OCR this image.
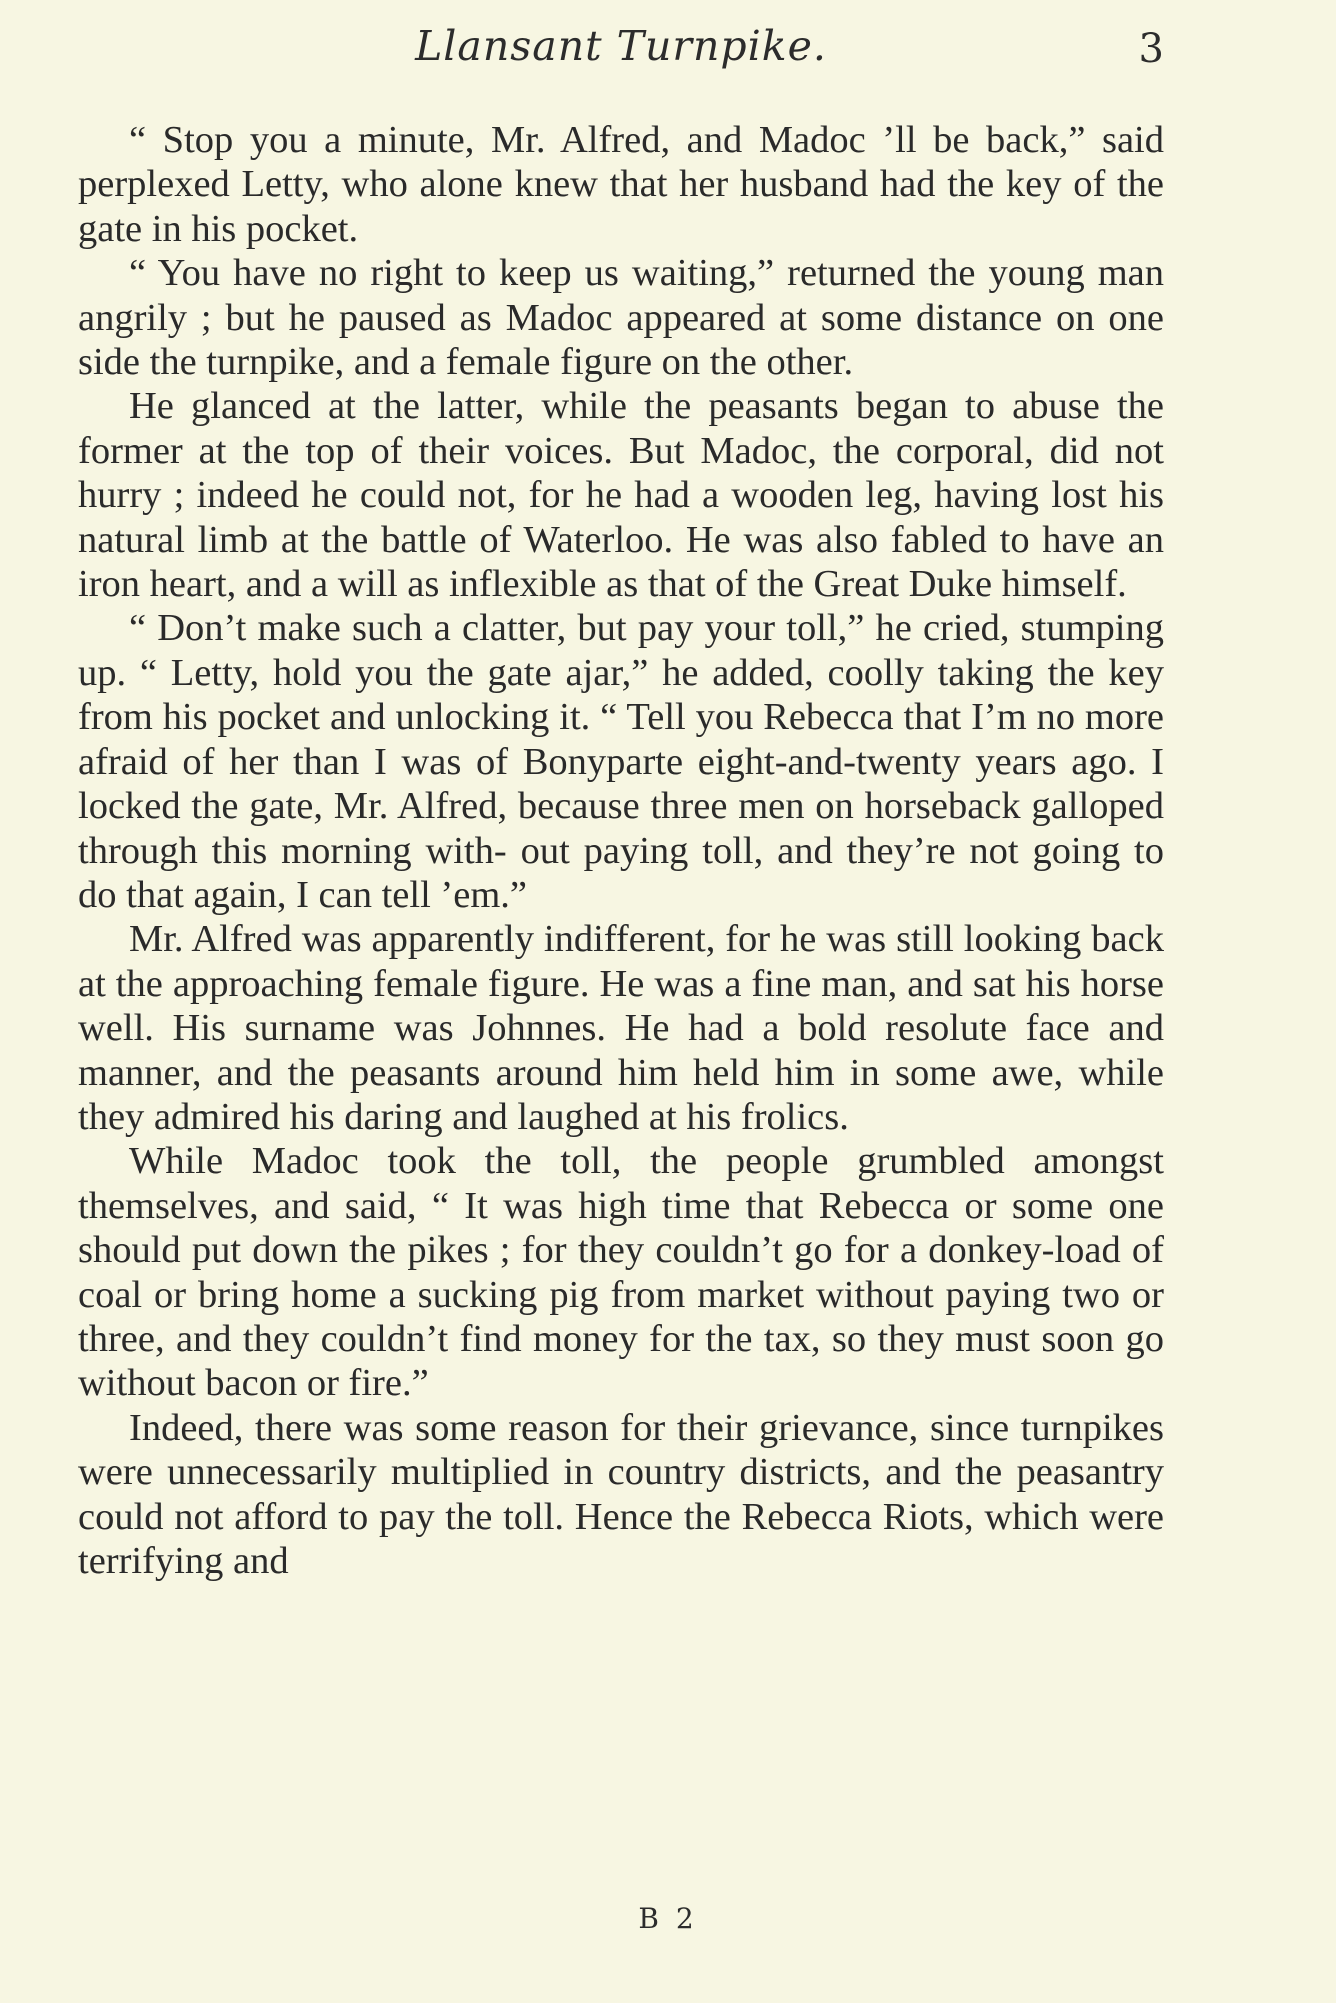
Llansant Turnpike.	3

“ Stop you a minute, Mr. Alfred, and Madoc ’ll be back,” said perplexed Letty, who alone knew that her husband had the key of the gate in his pocket.

“ You have no right to keep us waiting,” returned the young man angrily ; but he paused as Madoc appeared at some distance on one side the turnpike, and a female figure on the other.

He glanced at the latter, while the peasants began to abuse the former at the top of their voices. But Madoc, the corporal, did not hurry ; indeed he could not, for he had a wooden leg, having lost his natural limb at the battle of Waterloo. He was also fabled to have an iron heart, and a will as inflexible as that of the Great Duke himself.

“ Don’t make such a clatter, but pay your toll,” he cried, stumping up. “ Letty, hold you the gate ajar,” he added, coolly taking the key from his pocket and unlocking it. “ Tell you Rebecca that I’m no more afraid of her than I was of Bonyparte eight-and-twenty years ago. I locked the gate, Mr. Alfred, because three men on horseback galloped through this morning with- out paying toll, and they’re not going to do that again, I can tell ’em.”

Mr. Alfred was apparently indifferent, for he was still looking back at the approaching female figure. He was a fine man, and sat his horse well. His surname was Johnnes. He had a bold resolute face and manner, and the peasants around him held him in some awe, while they admired his daring and laughed at his frolics.

While Madoc took the toll, the people grumbled amongst themselves, and said, “ It was high time that Rebecca or some one should put down the pikes ; for they couldn’t go for a donkey-load of coal or bring home a sucking pig from market without paying two or three, and they couldn’t find money for the tax, so they must soon go without bacon or fire.”

Indeed, there was some reason for their grievance, since turnpikes were unnecessarily multiplied in country districts, and the peasantry could not afford to pay the toll. Hence the Rebecca Riots, which were terrifying and

B 2
